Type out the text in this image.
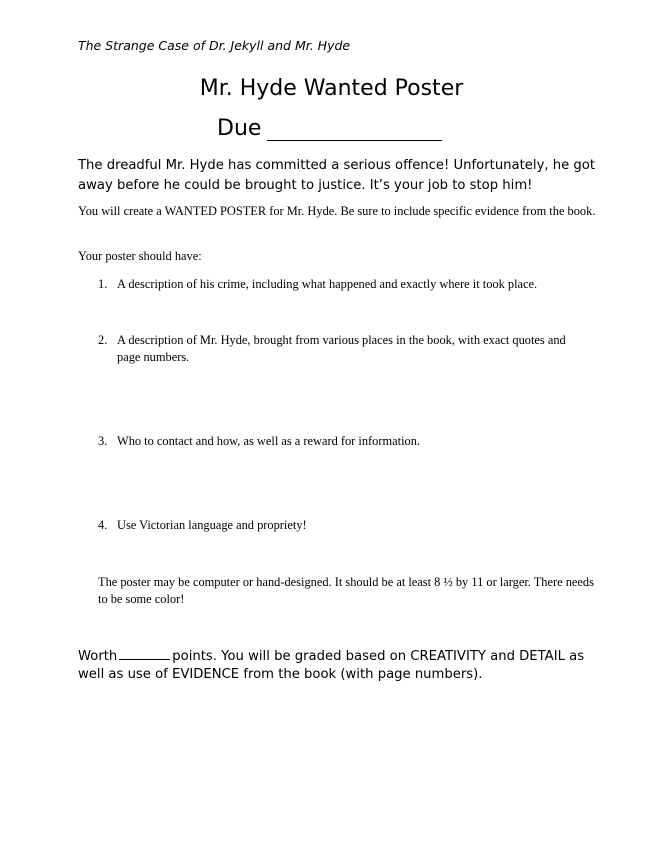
The Strange Case of Dr. Jekyll and Mr. Hyde
Mr. Hyde Wanted Poster
Due
The dreadful Mr. Hyde has committed a serious offence! Unfortunately, he got away before he could be brought to justice. It’s your job to stop him!
You will create a WANTED POSTER for Mr. Hyde. Be sure to include specific evidence from the book.
Your poster should have:
1. A description of his crime, including what happened and exactly where it took place.
2. A description of Mr. Hyde, brought from various places in the book, with exact quotes and page numbers.
3. Who to contact and how, as well as a reward for information.
4. Use Victorian language and propriety!
The poster may be computer or hand-designed. It should be at least 8 ½ by 11 or larger. There needs to be some color!
Worth	points. You will be graded based on CREATIVITY and DETAIL as well as use of EVIDENCE from the book (with page numbers).
